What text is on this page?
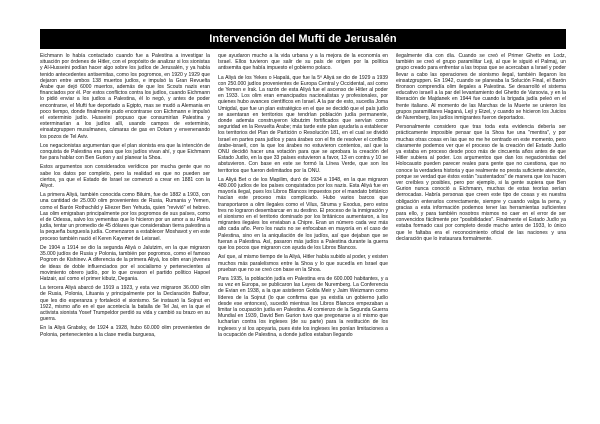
Intervención del Mufti de Jerusalén

Eichmann lo había contactado cuando fue a Palestina a investigar la situación por órdenes de Hitler, con el propósito de analizar si los sionistas y Al-Husseini podían hacer algo sobre los judíos de Jerusalén, y ya había tenido antecedentes antisemitas, como los pogromos, en 1920 y 1929 que dejaron entre ambos 138 muertos judíos, e impulsó la Gran Revuelta Árabe que dejó 6000 muertos, además de que los Scouts nazis eran financiados por él. Por estos conflictos contra los judíos, cuando Eichmann lo pidió enviar a los judíos a Palestina, él lo negó, y antes de poder encontrarse, el Mufti fue deportado a Egipto, mas se mudó a Alemania en poco tiempo, donde finalmente pudo encontrarse con Eichmann e impulsó el exterminio judío. Husseini propuso que consumirían Palestina y exterminarían a los judíos allí, usando campos de exterminio, einsatzgruppen musulmanes, cámaras de gas en Dotam y envenenando los pozos de Tel Aviv.

Los negacionistas argumentan que el plan sionista era que la intención de conquista de Palestina era para que los judíos vivan ahí, y que Eichmann fue para hablar con Ben Gurion y así planear la Shoa.

Estos argumentos son considerados verídicos por mucha gente que no sabe los datos por completo, pero la realidad es que no pueden ser ciertos, ya que el Estado de Israel se comenzó a crear en 1881 con la Aliyot.

La primera Aliyá, también conocida como Biluim, fue de 1882 a 1903, con una cantidad de 25.000 olim provenientes de Rusia, Rumania y Yemen, como el Barón Rothschild y Eliezer Ben Yehuda, quien "revivió" el hebreo. Las olim emigraban principalmente por los pogromos de sus países, como el de Odessa, salvo los yemenitas que lo hicieron por un amor a su Patria judía, tentar un promedio de 45 dólares que consideraban tierra palestina a la pequeña burguesía judía. Comenzaron a establecer Moshavot y en este proceso también nació el Keren Kayemet de Leisrael.

De 1904 a 1914 se dio la segunda Aliyá o Jalutzim, en la que migraron 35.000 judíos de Rusia y Polonia, también por pogromos, como el famoso Pogrom de Kishinev. A diferencia de la primera Aliyá, los olim eran jóvenes de ideas de doble influenciados por el socialismo y pertenecientes al movimiento obrero judío, por lo que crearon el partido político Hapoel Hatzair, así como el primer kibutz, Degania.

La tercera Aliyá abarcó de 1919 a 1923, y esta vez migraron 36.000 olim de Rusia, Polonia, Lituania y principalmente por la Declaración Balfour, que les dio esperanza y fortaleció el sionismo. Se instauró la Sojnut en 1922, mismo año en el que acontecía la batalla de Tel Jai, en la que el activista sionista Yosef Trumpeldor perdió su vida y cambió su brazo en su guerra.

En la Aliyá Grabsky, de 1924 a 1928, hubo 60.000 olim provenientes de Polonia, pertenecientes a la clase media burguesa,

que ayudaron mucho a la vida urbana y a la mejora de la economía en Israel. Ellos tuvieron que salir de su país de origen por la política antisemita que había impuesto el gobierno polaco.

La Aliyá de los Yekes o Hapalá, que fue la 5º Aliyá se dio de 1929 a 1939 con 250.000 judíos provenientes de Europa Central y Occidental, así como de Yemen e Irak. La razón de esta Aliyá fue el ascenso de Hitler al poder en 1933. Los olim eran emancipados nacionalistas y profesionales, por quienes hubo avances científicos en Israel. A la par de esto, sucedía Joma Umigdal, que fue un plan estratégico en el que se decidió que el país judío se asentaran en territorios que tendrían población judía permanente, donde además construyeron kibutzim fortificados que servían como seguridad en la Revuelta Árabe; más tarde este plan ayudaría a establecer los territorios del Plan de Partición o Resolución 181, en el cual se dividió Israel en partes para judíos y para árabes con el fin de resolver el conflicto árabe-israelí, con la que los árabes no estuvieron contentos, así que la ONU decidió hacer una votación para que se aprobara la creación del Estado Judío, en la que 33 países estuvieron a favor, 13 en contra y 10 se abstuvieron. Con base en este se formó la Línea Verde, que son los territorios que fueron delimitados por la ONU.

La Aliyá Bet o de los Mapilim, duró de 1934 a 1948, en la que migraron 480.000 judíos de los países conquistados por los nazis. Esta Aliyá fue en mayoría ilegal, pues los Libros Blancos impuestos por el mandato británico hacían este proceso más complicado. Hubo varios barcos que transportaron a olim ilegales como el Vilus, Struma y Exodus, pero estos tres no lograron desembarcar en su destino. El proceso de la inmigración y el sionismo en el territorio dominado por los británicos aumentaron, a los migrantes ilegales los enviaban a Chipre. Eran un número cada vez más alto cada año. Pero los nazis no se enfocaban en mayoría en el caso de Palestina, sino en la aniquilación de los judíos, así que dejaban que se fueran a Palestina. Así, pasaron más judíos a Palestina durante la guerra que los pocos que migraron con ayuda de los Libros Blancos.

Así que, al mismo tiempo de la Aliyá, Hitler había subido al poder, y existen muchos más paralelismos entre la Shoa y lo que sucedía en Israel que prueban que no se creó con base en la Shoa.

Para 1935, la población judía en Palestina era de 600.000 habitantes, y a su vez en Europa, se publicaron las Leyes de Nuremberg. La Conferencia de Evian en 1938, a la que asistieron Golda Meir y Jaim Weizmann como líderes de la Sojnut (lo que confirma que ya existía un gobierno judío desde ese entonces), sucedió mientras los Libros Blancos empezaban a limitar la ocupación judía en Palestina. Al comienzo de la Segunda Guerra Mundial en 1939, David Ben Gurion tuvo que pregonarse a sí mismo que lucharían contra los ingleses (de su parte) para la restitución de los ingleses y si los apoyaría, pues éste los ingleses les ponían limitaciones a la ocupación de Palestina, a donde judíos estaban llegando

ilegalmente día con día. Cuando se creó el Primer Ghetto en Lodz, también se creó el grupo paramilitar Leji, al que le siguió el Palmaj, un grupo creado para enfrentar a las tropas que se acercaban a Israel y poder llevar a cabo las operaciones de sionismo ilegal, también llegaron los einsatzgruppen. En 1942, cuando se planeaba la Solución Final, el Barón Bronson comprendía olim ilegales a Palestina. Se desarrolló el sistema educativo israelí a la par del levantamiento del Ghetto de Varsovia, y en la liberación de Majdanek en 1944 fue cuando la brigada judía peleó en el frente italiano. Al momento de las Marchas de la Muerte se unieron los grupos paramilitares Haganá, Lejí y Etzel, y cuando se hicieron los Juicios de Nuremberg, los judíos inmigrantes fueron deportados.

Personalmente considero que tras toda esta evidencia debería ser prácticamente imposible pensar que la Shoa fue una "mentira", y por muchas otras cosas en las que no me he centrado en este momento, pero claramente podemos ver que el proceso de la creación del Estado Judío ya estaba en proceso desde poco más de cincuenta años antes de que Hitler subiera al poder. Los argumentos que dan los negacionistas del Holocausto pueden parecer reales para gente que no cuestiona, que no conoce la verdadera historia y que realmente no presta suficiente atención, porque se verdad que éstos están "sustentados" de manera que los hacen ver creíbles y posibles, pero por ejemplo, si la gente supiera que Ben Gurion nunca conoció a Eichmann, muchas de estas teorías serían derrocadas. Habría personas que creen este tipo de cosas y es nuestra obligación enterarlos correctamente, siempre y cuando valga la pena, y gracias a esta información podemos tener las herramientas suficientes para ello, y para también nosotros mismos no caer en el error de ser convencidos fácilmente por "posibilidades". Finalmente el Estado Judío ya estaba formado casi por completo desde mucho antes de 1933, lo único que le faltaba era el reconocimiento oficial de las naciones y una declaración que lo instaurara formalmente.
